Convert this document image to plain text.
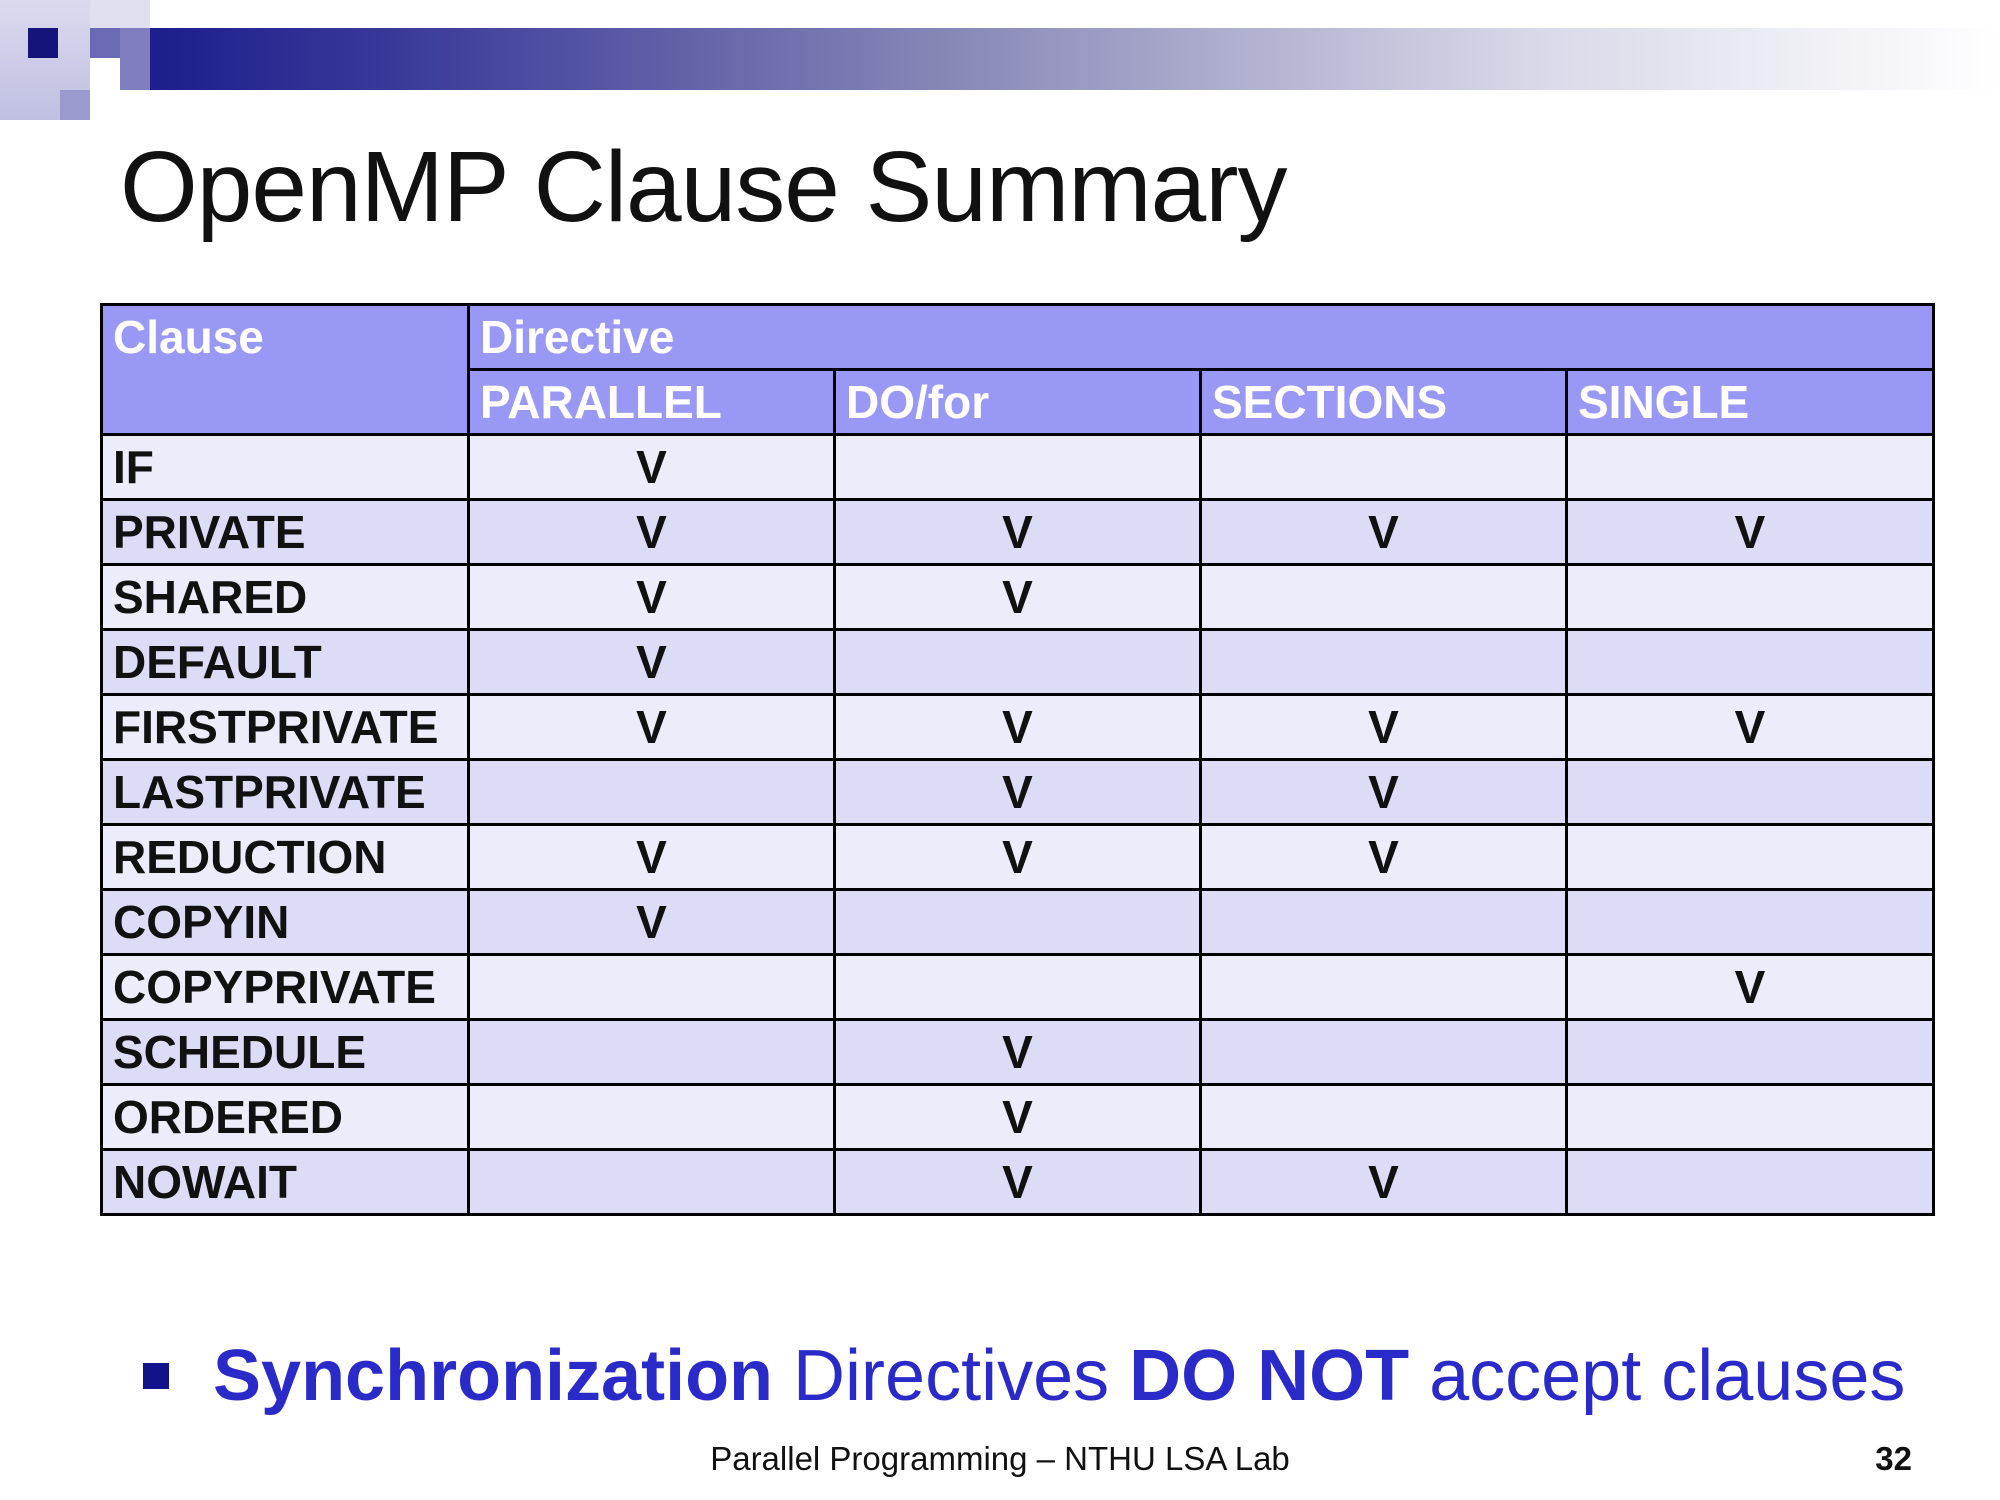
OpenMP Clause Summary
Clause	Directive			
	PARALLEL	DO/for	SECTIONS	SINGLE
IF	V			
PRIVATE	V	V	V	V
SHARED	V	V		
DEFAULT	V			
FIRSTPRIVATE	V	V	V	V
LASTPRIVATE		V	V	
REDUCTION	V	V	V	
COPYIN	V			
COPYPRIVATE				V
SCHEDULE		V		
ORDERED		V		
NOWAIT		V	V	
Synchronization Directives DO NOT accept clauses
Parallel Programming – NTHU LSA Lab	32
